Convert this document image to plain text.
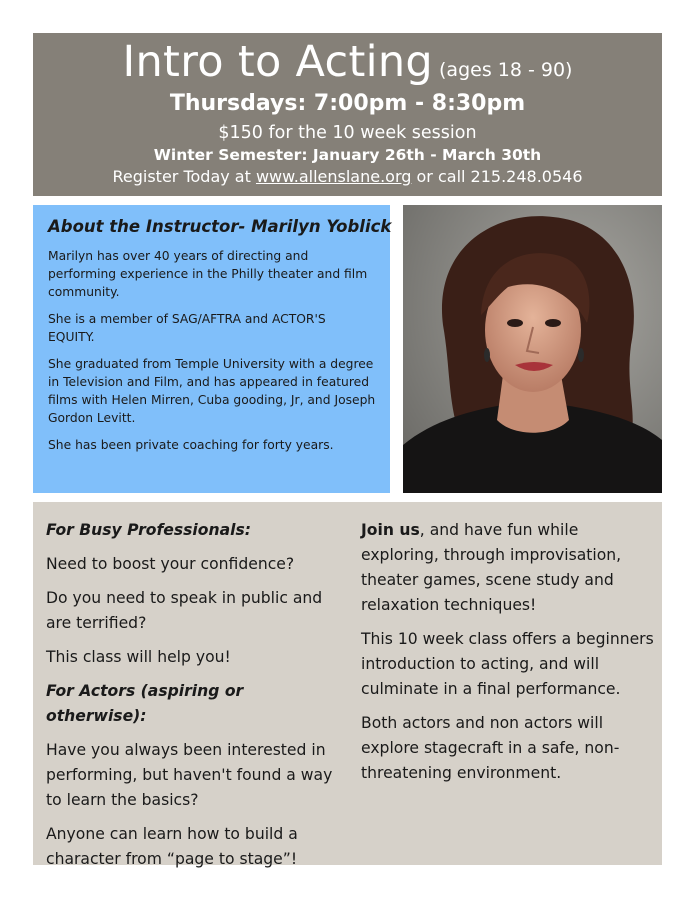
Intro to Acting (ages 18 - 90)
Thursdays: 7:00pm - 8:30pm
$150 for the 10 week session
Winter Semester: January 26th - March 30th
Register Today at www.allenslane.org or call 215.248.0546
About the Instructor- Marilyn Yoblick

Marilyn has over 40 years of directing and performing experience in the Philly theater and film community.

She is a member of SAG/AFTRA and ACTOR'S EQUITY.

She graduated from Temple University with a degree in Television and Film, and has appeared in featured films with Helen Mirren, Cuba gooding, Jr, and Joseph Gordon Levitt.

She has been private coaching for forty years.

For Busy Professionals:

Need to boost your confidence?

Do you need to speak in public and are terrified?

This class will help you!

For Actors (aspiring or otherwise):

Have you always been interested in performing, but haven't found a way to learn the basics?

Anyone can learn how to build a character from “page to stage”!

Join us, and have fun while exploring, through improvisation, theater games, scene study and relaxation techniques!

This 10 week class offers a beginners introduction to acting, and will culminate in a final performance.

Both actors and non actors will explore stagecraft in a safe, non-threatening environment.
